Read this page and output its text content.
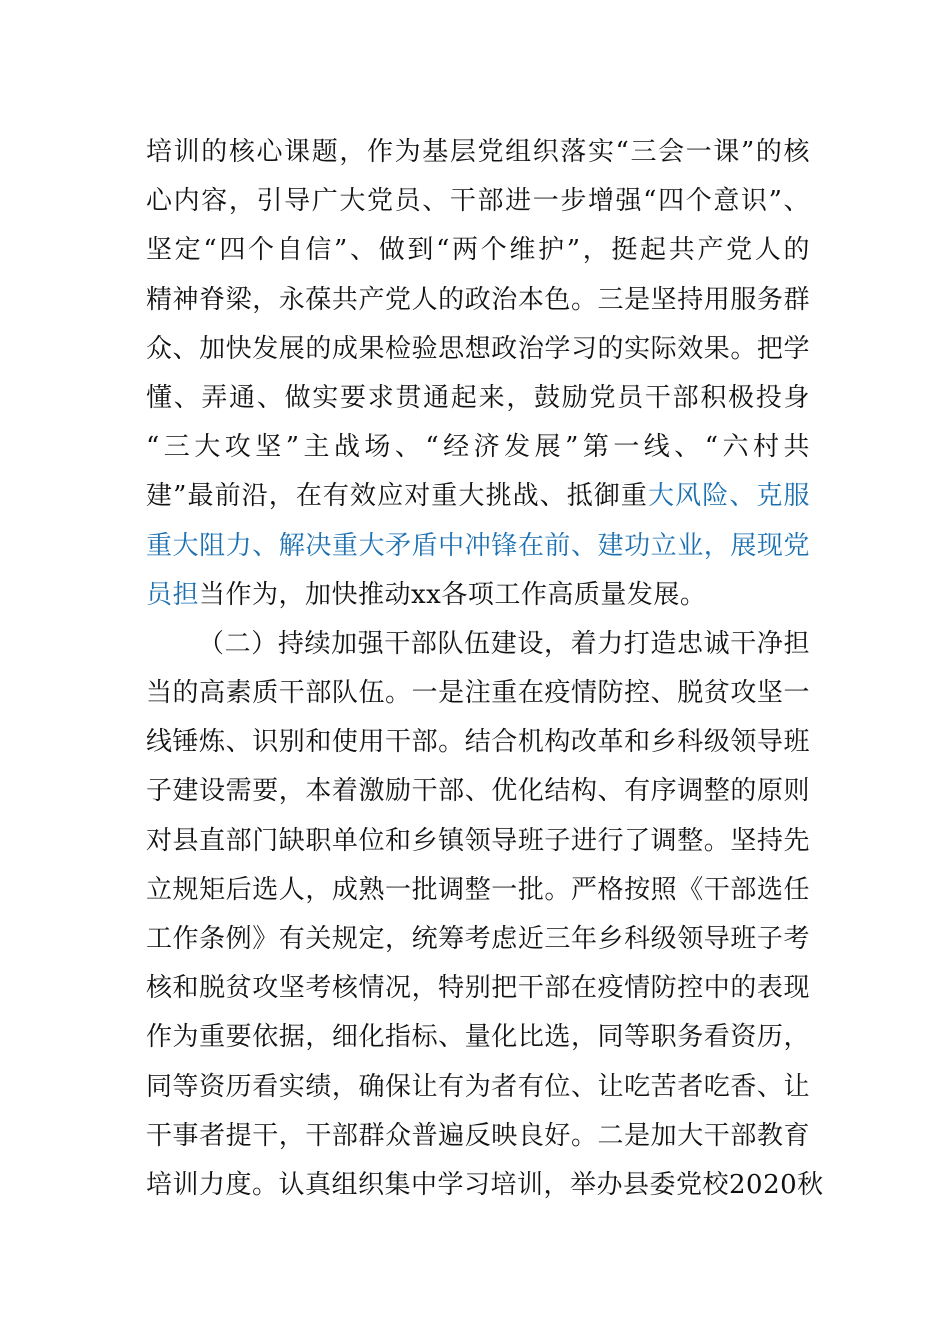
培训的核心课题，作为基层党组织落实“三会一课”的核
心内容，引导广大党员、干部进一步增强“四个意识”、
坚定“四个自信”、做到“两个维护”，挺起共产党人的
精神脊梁，永葆共产党人的政治本色。三是坚持用服务群
众、加快发展的成果检验思想政治学习的实际效果。把学
懂、弄通、做实要求贯通起来，鼓励党员干部积极投身
“三大攻坚”主战场、“经济发展”第一线、“六村共
建”最前沿，在有效应对重大挑战、抵御重大风险、克服
重大阻力、解决重大矛盾中冲锋在前、建功立业，展现党
员担当作为，加快推动xx各项工作高质量发展。
（二）持续加强干部队伍建设，着力打造忠诚干净担
当的高素质干部队伍。一是注重在疫情防控、脱贫攻坚一
线锤炼、识别和使用干部。结合机构改革和乡科级领导班
子建设需要，本着激励干部、优化结构、有序调整的原则
对县直部门缺职单位和乡镇领导班子进行了调整。坚持先
立规矩后选人，成熟一批调整一批。严格按照《干部选任
工作条例》有关规定，统筹考虑近三年乡科级领导班子考
核和脱贫攻坚考核情况，特别把干部在疫情防控中的表现
作为重要依据，细化指标、量化比选，同等职务看资历，
同等资历看实绩，确保让有为者有位、让吃苦者吃香、让
干事者提干，干部群众普遍反映良好。二是加大干部教育
培训力度。认真组织集中学习培训，举办县委党校2020秋
